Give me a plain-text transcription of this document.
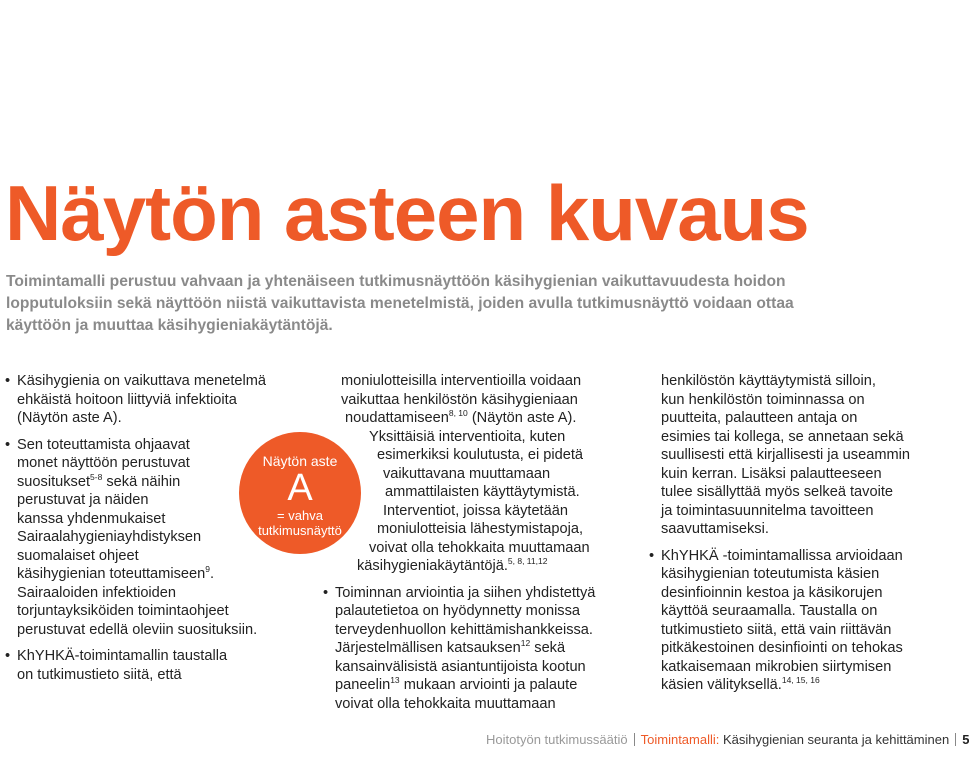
Näytön asteen kuvaus

Toimintamalli perustuu vahvaan ja yhtenäiseen tutkimusnäyttöön käsihygienian vaikuttavuudesta hoidon
lopputuloksiin sekä näyttöön niistä vaikuttavista menetelmistä, joiden avulla tutkimusnäyttö voidaan ottaa
käyttöön ja muuttaa käsihygieniakäytäntöjä.

• Käsihygienia on vaikuttava menetelmä
ehkäistä hoitoon liittyviä infektioita
(Näytön aste A).
• Sen toteuttamista ohjaavat
monet näyttöön perustuvat
suositukset$^{5-8}$ sekä näihin
perustuvat ja näiden
kanssa yhdenmukaiset
Sairaalahygieniayhdistyksen
suomalaiset ohjeet
käsihygienian toteuttamiseen$^9$.
Sairaaloiden infektioiden
torjuntayksiköiden toimintaohjeet
perustuvat edellä oleviin suosituksiin.
• KhYHKÄ-toimintamallin taustalla
on tutkimustieto siitä, että
Näytön aste
A
= vahva
tutkimusnäyttö
moniulotteisilla interventioilla voidaan
vaikuttaa henkilöstön käsihygieniaan
noudattamiseen$^{8, 10}$ (Näytön aste A).
Yksittäisiä interventioita, kuten
esimerkiksi koulutusta, ei pidetä
vaikuttavana muuttamaan
ammattilaisten käyttäytymistä.
Interventiot, joissa käytetään
moniulotteisia lähestymistapoja,
voivat olla tehokkaita muuttamaan
käsihygieniakäytäntöjä.$^{5, 8, 11,12}$
• Toiminnan arviointia ja siihen yhdistettyä
palautetietoa on hyödynnetty monissa
terveydenhuollon kehittämishankkeissa.
Järjestelmällisen katsauksen$^{12}$ sekä
kansainvälisistä asiantuntijoista kootun
paneelin$^{13}$ mukaan arviointi ja palaute
voivat olla tehokkaita muuttamaan
henkilöstön käyttäytymistä silloin,
kun henkilöstön toiminnassa on
puutteita, palautteen antaja on
esimies tai kollega, se annetaan sekä
suullisesti että kirjallisesti ja useammin
kuin kerran. Lisäksi palautteeseen
tulee sisällyttää myös selkeä tavoite
ja toimintasuunnitelma tavoitteen
saavuttamiseksi.
• KhYHKÄ -toimintamallissa arvioidaan
käsihygienian toteutumista käsien
desinfioinnin kestoa ja käsikorujen
käyttöä seuraamalla. Taustalla on
tutkimustieto siitä, että vain riittävän
pitkäkestoinen desinfiointi on tehokas
katkaisemaan mikrobien siirtymisen
käsien välityksellä.$^{14, 15, 16}$
Hoitotyön tutkimussäätiö Toimintamalli: Käsihygienian seuranta ja kehittäminen 5
